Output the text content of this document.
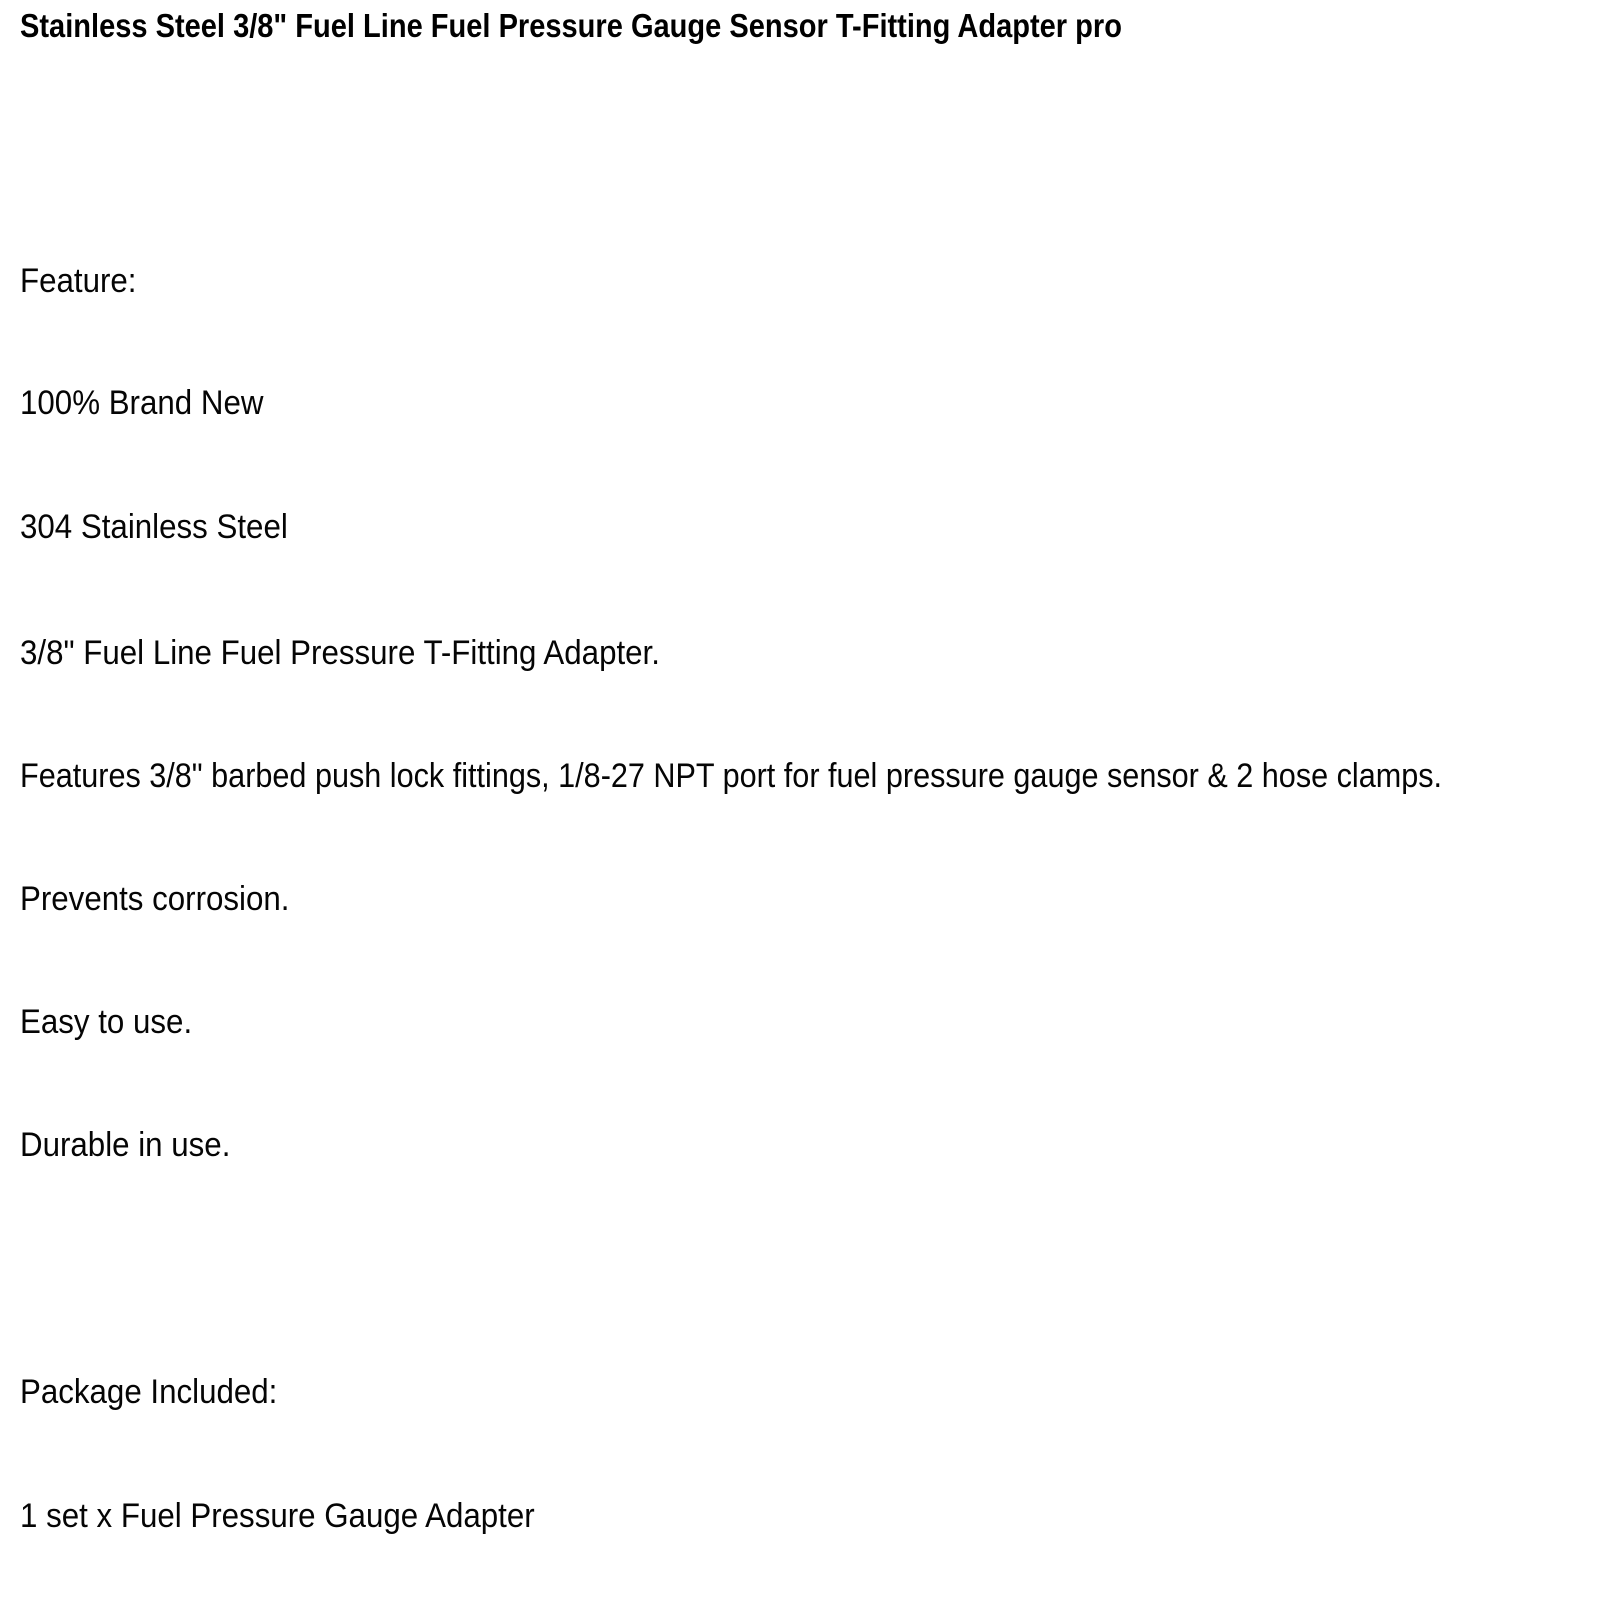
Stainless Steel 3/8" Fuel Line Fuel Pressure Gauge Sensor T-Fitting Adapter pro

Feature:

100% Brand New

304 Stainless Steel

3/8" Fuel Line Fuel Pressure T-Fitting Adapter.

Features 3/8" barbed push lock fittings, 1/8-27 NPT port for fuel pressure gauge sensor & 2 hose clamps.

Prevents corrosion.

Easy to use.

Durable in use.

Package Included:

1 set x Fuel Pressure Gauge Adapter
